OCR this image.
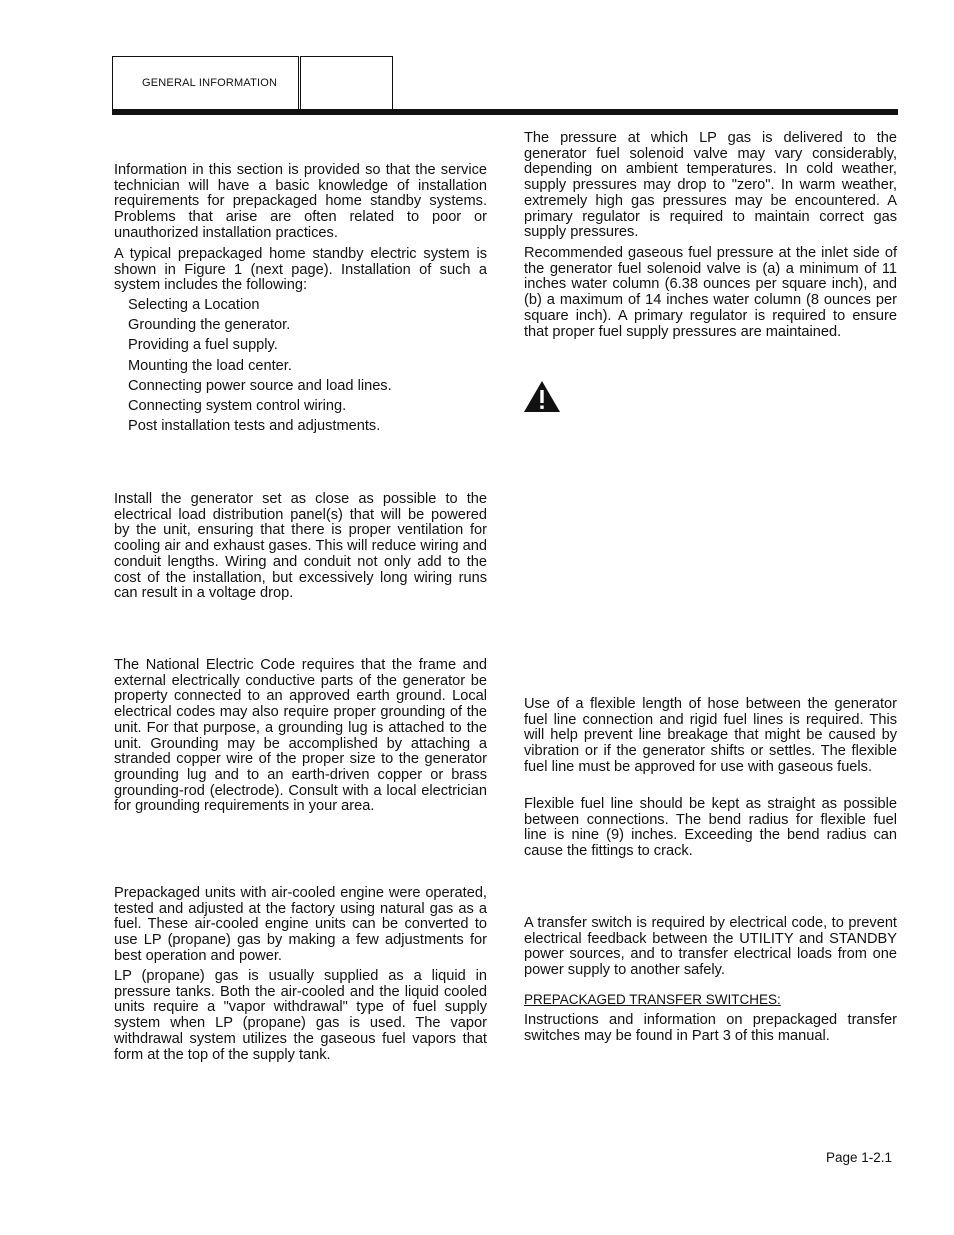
GENERAL INFORMATION

Information in this section is provided so that the service technician will have a basic knowledge of installation requirements for prepackaged home standby systems. Problems that arise are often related to poor or unauthorized installation practices.

A typical prepackaged home standby electric system is shown in Figure 1 (next page). Installation of such a system includes the following:

Selecting a Location
Grounding the generator.
Providing a fuel supply.
Mounting the load center.
Connecting power source and load lines.
Connecting system control wiring.
Post installation tests and adjustments.

Install the generator set as close as possible to the electrical load distribution panel(s) that will be powered by the unit, ensuring that there is proper ventilation for cooling air and exhaust gases. This will reduce wiring and conduit lengths. Wiring and conduit not only add to the cost of the installation, but excessively long wiring runs can result in a voltage drop.

The National Electric Code requires that the frame and external electrically conductive parts of the generator be property connected to an approved earth ground. Local electrical codes may also require proper grounding of the unit. For that purpose, a grounding lug is attached to the unit. Grounding may be accomplished by attaching a stranded copper wire of the proper size to the generator grounding lug and to an earth-driven copper or brass grounding-rod (electrode). Consult with a local electrician for grounding requirements in your area.

Prepackaged units with air-cooled engine were operated, tested and adjusted at the factory using natural gas as a fuel. These air-cooled engine units can be converted to use LP (propane) gas by making a few adjustments for best operation and power.

LP (propane) gas is usually supplied as a liquid in pressure tanks. Both the air-cooled and the liquid cooled units require a "vapor withdrawal" type of fuel supply system when LP (propane) gas is used. The vapor withdrawal system utilizes the gaseous fuel vapors that form at the top of the supply tank.

The pressure at which LP gas is delivered to the generator fuel solenoid valve may vary considerably, depending on ambient temperatures. In cold weather, supply pressures may drop to "zero". In warm weather, extremely high gas pressures may be encountered. A primary regulator is required to maintain correct gas supply pressures.

Recommended gaseous fuel pressure at the inlet side of the generator fuel solenoid valve is (a) a minimum of 11 inches water column (6.38 ounces per square inch), and (b) a maximum of 14 inches water column (8 ounces per square inch). A primary regulator is required to ensure that proper fuel supply pressures are maintained.

Use of a flexible length of hose between the generator fuel line connection and rigid fuel lines is required. This will help prevent line breakage that might be caused by vibration or if the generator shifts or settles. The flexible fuel line must be approved for use with gaseous fuels.

Flexible fuel line should be kept as straight as possible between connections. The bend radius for flexible fuel line is nine (9) inches. Exceeding the bend radius can cause the fittings to crack.

A transfer switch is required by electrical code, to prevent electrical feedback between the UTILITY and STANDBY power sources, and to transfer electrical loads from one power supply to another safely.

PREPACKAGED TRANSFER SWITCHES:

Instructions and information on prepackaged transfer switches may be found in Part 3 of this manual.

Page 1-2.1
